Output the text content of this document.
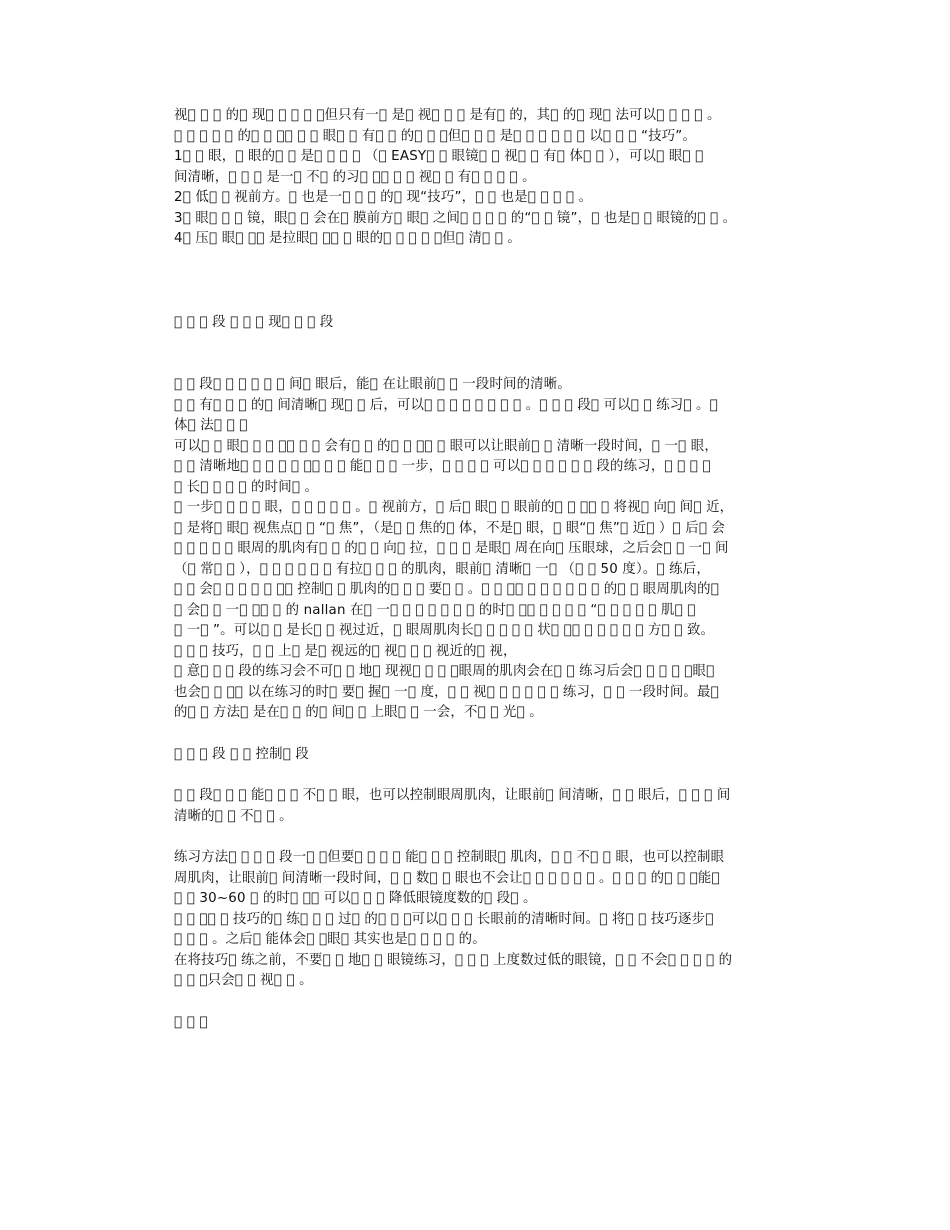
视􀀀 􀀀 􀀀 的􀀀 现􀀀 􀀀 􀀀 􀀀 ，但只有一􀀀 是􀀀 视􀀀 􀀀 􀀀 是有􀀀 的，其􀀀 的􀀀 现􀀀 法可以􀀀 􀀀 􀀀 􀀀 。
􀀀 􀀀 􀀀 􀀀 􀀀 的􀀀 􀀀 ，􀀀 􀀀 􀀀 眼􀀀 􀀀 有􀀀 􀀀 的􀀀 􀀀 ，但􀀀 􀀀 􀀀 是􀀀 􀀀 􀀀 􀀀 􀀀 􀀀 以􀀀 􀀀 􀀀 “技巧”。
1􀀀 􀀀 眼，􀀀 眼的􀀀 􀀀 是􀀀 􀀀 􀀀 􀀀 （􀀀 EASY􀀀 􀀀 眼镜􀀀 􀀀 视􀀀 􀀀 有􀀀 体􀀀 􀀀 ），可以􀀀 眼􀀀 􀀀
间清晰，􀀀 􀀀 􀀀 是一􀀀 不􀀀 的习􀀀 ，􀀀 􀀀 􀀀 视􀀀 􀀀 有􀀀 􀀀 􀀀 􀀀 。
2􀀀 低􀀀 􀀀 视前方。􀀀 也是一􀀀 􀀀 􀀀 的􀀀 现“技巧”，􀀀 􀀀 也是􀀀 􀀀 􀀀 􀀀 。
3􀀀 眼􀀀 􀀀 􀀀 镜，眼􀀀 􀀀 会在􀀀 膜前方􀀀 眼􀀀 之间􀀀 􀀀 􀀀 􀀀 的“􀀀 􀀀 镜”，􀀀 也是􀀀 􀀀 眼镜的􀀀 􀀀 。
4􀀀 压􀀀 眼􀀀 ，􀀀 是拉眼􀀀 ，􀀀 􀀀 眼的􀀀 􀀀 􀀀 􀀀 ，但􀀀 清􀀀 􀀀 。
􀀀 􀀀 􀀀 段 􀀀 􀀀 􀀀 现􀀀 􀀀 􀀀 段
􀀀 􀀀 段􀀀 􀀀 􀀀 􀀀 􀀀 􀀀 间􀀀 眼后，能􀀀 在让眼前􀀀 􀀀 一段时间的清晰。
􀀀 􀀀 有􀀀 􀀀 􀀀 的􀀀 间清晰􀀀 现􀀀 􀀀 后，可以􀀀 􀀀 􀀀 􀀀 􀀀 􀀀 􀀀 􀀀 。􀀀 􀀀 􀀀 段􀀀 可以􀀀 􀀀 练习􀀀 。􀀀
体􀀀 法􀀀 􀀀 􀀀
可以􀀀 􀀀 眼􀀀 􀀀 􀀀 ，􀀀 􀀀 􀀀 会有􀀀 􀀀 的􀀀 􀀀 ，􀀀 􀀀 眼可以让眼前􀀀 􀀀 清晰一段时间，􀀀 一􀀀 眼，
􀀀 􀀀 清晰地􀀀 􀀀 􀀀 􀀀 􀀀 ，􀀀 􀀀 􀀀 能􀀀 􀀀 􀀀 一步，􀀀 􀀀 􀀀 􀀀 可以􀀀 􀀀 􀀀 􀀀 􀀀 􀀀 段的练习，􀀀 􀀀 􀀀 􀀀
􀀀 长􀀀 􀀀 􀀀 􀀀 的时间􀀀 。
􀀀 一步􀀀 􀀀 􀀀 􀀀 眼，􀀀 􀀀 􀀀 􀀀 􀀀 。􀀀 视前方，􀀀 后􀀀 眼􀀀 􀀀 眼前的􀀀 􀀀 ，􀀀 􀀀 将视􀀀 向􀀀 间􀀀 近，
􀀀 是将􀀀 眼􀀀 视焦点􀀀 􀀀 “􀀀 焦”，（是􀀀 􀀀 焦的􀀀 体，不是􀀀 眼，􀀀 眼“􀀀 焦”􀀀 近􀀀 ）􀀀 后􀀀 会
􀀀 􀀀 􀀀 􀀀 􀀀 眼周的肌肉有􀀀 􀀀 的􀀀 􀀀 向􀀀 拉，􀀀 􀀀 􀀀 是眼􀀀 周在向􀀀 压眼球，之后会􀀀 􀀀 一􀀀 间
（􀀀 常􀀀 􀀀 ），􀀀 􀀀 􀀀 􀀀 􀀀 􀀀 有拉􀀀 􀀀 􀀀 的肌肉，眼前􀀀 清晰􀀀 一􀀀 （􀀀 􀀀 50 度）。􀀀 练后，
􀀀 􀀀 会􀀀 􀀀 􀀀 􀀀 􀀀 ，􀀀 控制􀀀 􀀀 肌肉的􀀀 􀀀 􀀀 要􀀀 􀀀 。􀀀 􀀀 ，􀀀 􀀀 􀀀 􀀀 􀀀 􀀀 􀀀 的􀀀 􀀀 眼周肌肉的􀀀
􀀀 会􀀀 􀀀 一􀀀 ，􀀀 􀀀 的 nallan 在􀀀 一􀀀 􀀀 􀀀 􀀀 􀀀 􀀀 􀀀 的时􀀀 ，􀀀 􀀀 􀀀 􀀀 􀀀 “􀀀 􀀀 􀀀 􀀀 􀀀 肌􀀀 􀀀
􀀀 一􀀀 ”。可以􀀀 􀀀 是长􀀀 􀀀 视过近，􀀀 眼周肌肉长􀀀 􀀀 􀀀 􀀀 􀀀 状􀀀 ，􀀀 􀀀 􀀀 􀀀 􀀀 􀀀 方􀀀 􀀀 致。
􀀀 􀀀 􀀀 技巧，􀀀 􀀀 上􀀀 是􀀀 视远的􀀀 视􀀀 􀀀 􀀀 视近的􀀀 视，
􀀀 意􀀀 􀀀 􀀀 段的练习会不可􀀀 􀀀 地􀀀 现视􀀀 􀀀 􀀀 ，眼周的肌肉会在􀀀 􀀀 练习后会􀀀 􀀀 􀀀 􀀀 ，眼􀀀
也会􀀀 􀀀 ，􀀀 以在练习的时􀀀 要􀀀 握􀀀 一􀀀 度，􀀀 􀀀 视􀀀 􀀀 􀀀 􀀀 􀀀 􀀀 练习，􀀀 􀀀 一段时间。最􀀀
的􀀀 􀀀 方法􀀀 是在􀀀 􀀀 的􀀀 间􀀀 􀀀 上眼􀀀 􀀀 一会，不􀀀 􀀀 光􀀀 。
􀀀 􀀀 􀀀 段 􀀀 􀀀 控制􀀀 段
􀀀 􀀀 段􀀀 􀀀 􀀀 能􀀀 􀀀 􀀀 不􀀀 􀀀 眼，也可以控制眼周肌肉，让眼前􀀀 间清晰，􀀀 􀀀 眼后，􀀀 􀀀 􀀀 间
清晰的􀀀 􀀀 不􀀀 􀀀 。
练习方法􀀀 􀀀 􀀀 􀀀 段一􀀀 ，但要􀀀 􀀀 􀀀 􀀀 能􀀀 􀀀 􀀀 控制眼􀀀 肌肉，􀀀 􀀀 不􀀀 􀀀 眼，也可以控制眼
周肌肉，让眼前􀀀 间清晰一段时间，􀀀 􀀀 数􀀀 􀀀 眼也不会让􀀀 􀀀 􀀀 􀀀 􀀀 􀀀 。􀀀 􀀀 􀀀 的􀀀 􀀀 ，能􀀀
􀀀 􀀀 30~60 􀀀 的时􀀀 ，􀀀 可以􀀀 􀀀 􀀀 降低眼镜度数的􀀀 段􀀀 。
􀀀 􀀀 ，􀀀 􀀀 技巧的􀀀 练􀀀 􀀀 􀀀 过􀀀 的􀀀 􀀀 ，可以􀀀 􀀀 􀀀 长眼前的清晰时间。􀀀 将􀀀 􀀀 技巧逐步􀀀
􀀀 􀀀 􀀀 。之后􀀀 能体会􀀀 ，眼􀀀 其实也是􀀀 􀀀 􀀀 􀀀 的。
在将技巧􀀀 练之前，不要􀀀 􀀀 地􀀀 􀀀 眼镜练习，􀀀 􀀀 􀀀 上度数过低的眼镜，􀀀 􀀀 不会􀀀 􀀀 􀀀 􀀀 的
􀀀 􀀀 ，只会􀀀 􀀀 视􀀀 􀀀 。
􀀀 􀀀 􀀀
